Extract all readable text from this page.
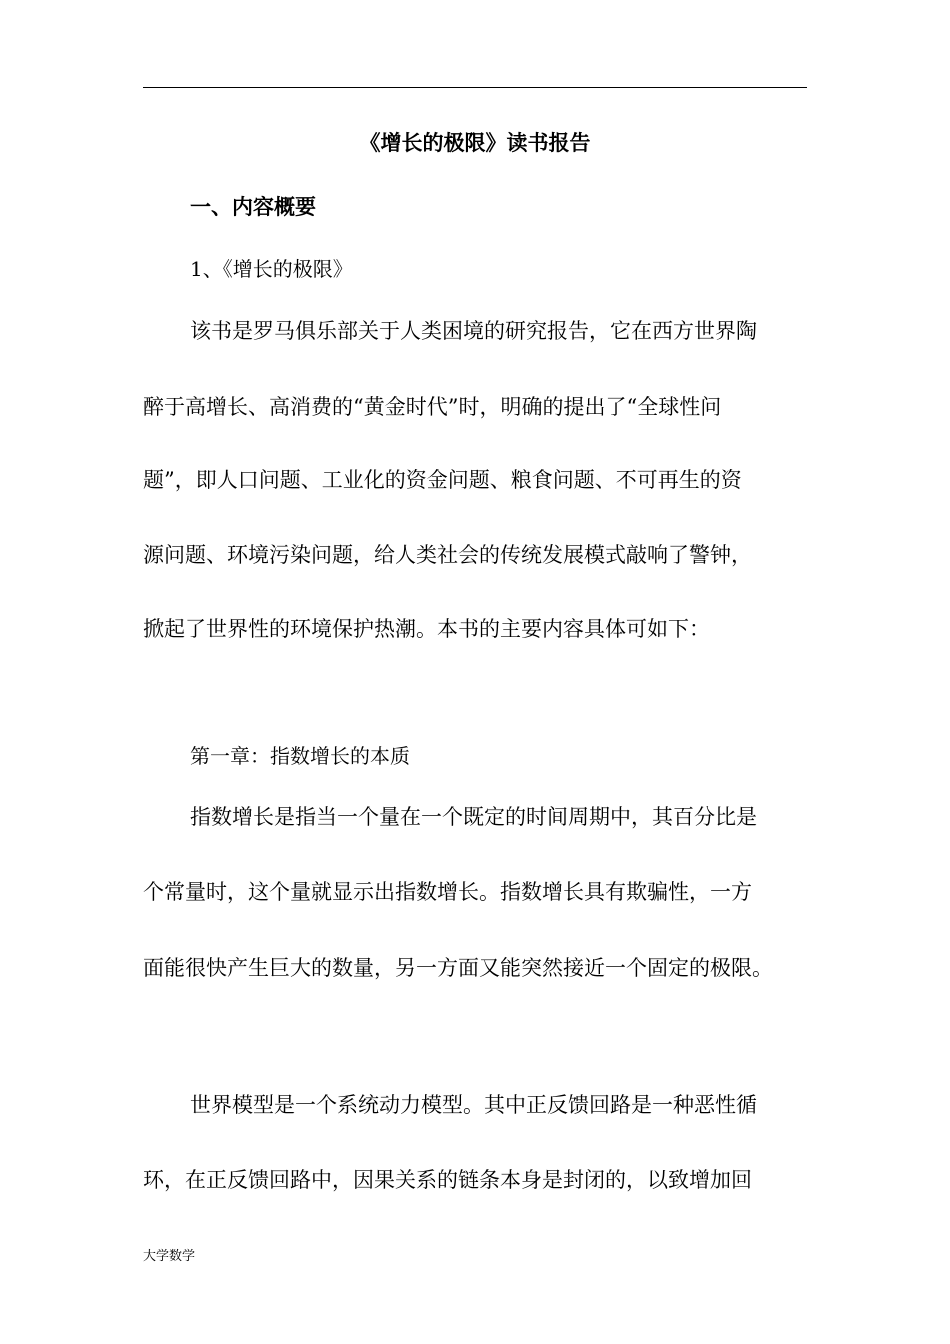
《增长的极限》读书报告
一、内容概要
1、《增长的极限》
该书是罗马俱乐部关于人类困境的研究报告，它在西方世界陶
醉于高增长、高消费的“黄金时代”时，明确的提出了“全球性问
题”，即人口问题、工业化的资金问题、粮食问题、不可再生的资
源问题、环境污染问题，给人类社会的传统发展模式敲响了警钟，
掀起了世界性的环境保护热潮。本书的主要内容具体可如下：
第一章：指数增长的本质
指数增长是指当一个量在一个既定的时间周期中，其百分比是
个常量时，这个量就显示出指数增长。指数增长具有欺骗性，一方
面能很快产生巨大的数量，另一方面又能突然接近一个固定的极限。
世界模型是一个系统动力模型。其中正反馈回路是一种恶性循
环，在正反馈回路中，因果关系的链条本身是封闭的，以致增加回
大学数学
